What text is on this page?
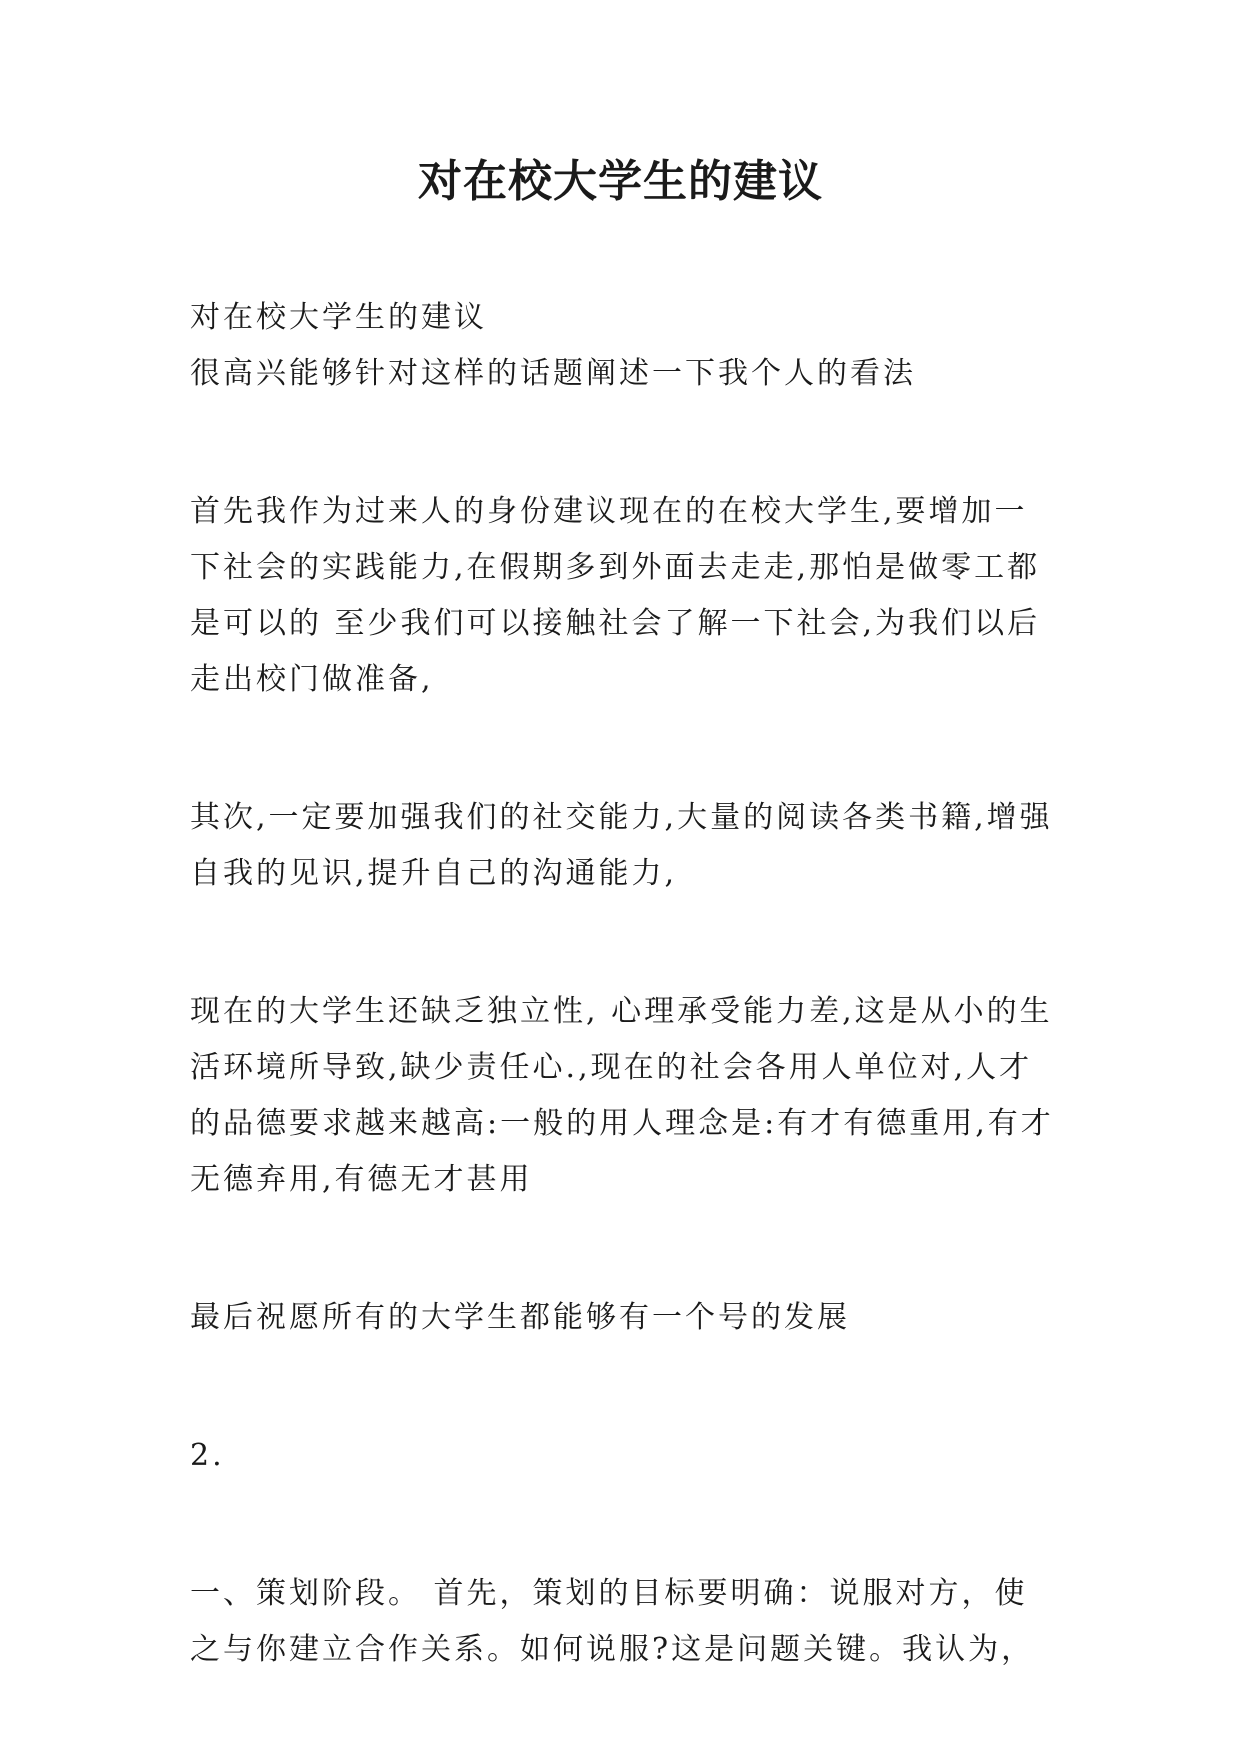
对在校大学生的建议

对在校大学生的建议

很高兴能够针对这样的话题阐述一下我个人的看法

首先我作为过来人的身份建议现在的在校大学生,要增加一下社会的实践能力,在假期多到外面去走走,那怕是做零工都是可以的 至少我们可以接触社会了解一下社会,为我们以后走出校门做准备,

其次,一定要加强我们的社交能力,大量的阅读各类书籍,增强自我的见识,提升自己的沟通能力,

现在的大学生还缺乏独立性, 心理承受能力差,这是从小的生活环境所导致,缺少责任心.,现在的社会各用人单位对,人才的品德要求越来越高:一般的用人理念是:有才有德重用,有才无德弃用,有德无才甚用

最后祝愿所有的大学生都能够有一个号的发展

2.

一、策划阶段。 首先，策划的目标要明确：说服对方，使之与你建立合作关系。如何说服?这是问题关键。我认为，
